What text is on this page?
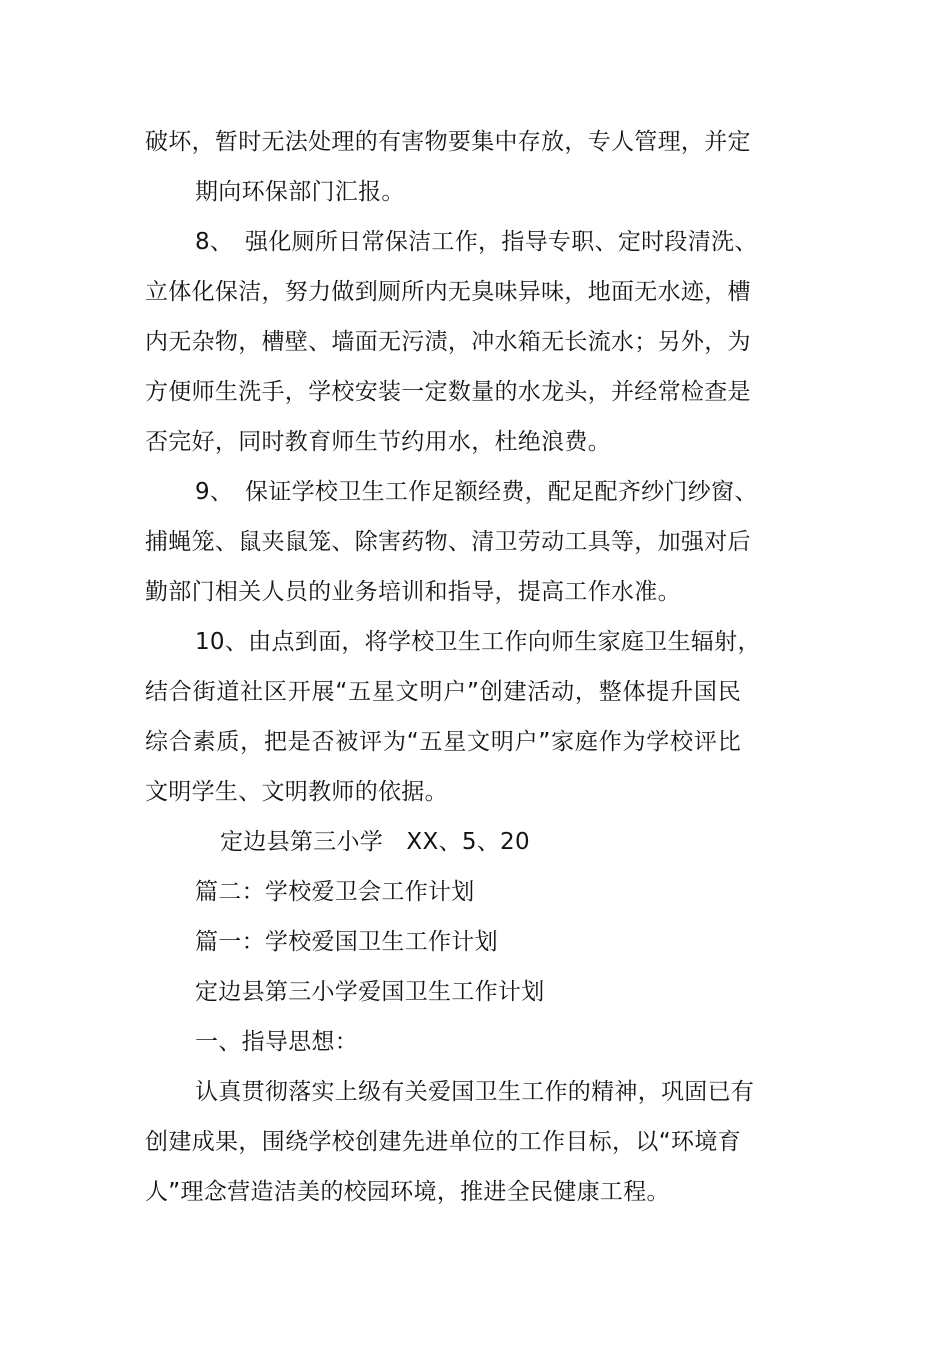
破坏，暂时无法处理的有害物要集中存放，专人管理，并定
期向环保部门汇报。
8、　强化厕所日常保洁工作，指导专职、定时段清洗、
立体化保洁，努力做到厕所内无臭味异味，地面无水迹，槽
内无杂物，槽壁、墙面无污渍，冲水箱无长流水；另外，为
方便师生洗手，学校安装一定数量的水龙头，并经常检查是
否完好，同时教育师生节约用水，杜绝浪费。
9、　保证学校卫生工作足额经费，配足配齐纱门纱窗、
捕蝇笼、鼠夹鼠笼、除害药物、清卫劳动工具等，加强对后
勤部门相关人员的业务培训和指导，提高工作水准。
10、由点到面，将学校卫生工作向师生家庭卫生辐射，
结合街道社区开展“五星文明户”创建活动，整体提升国民
综合素质，把是否被评为“五星文明户”家庭作为学校评比
文明学生、文明教师的依据。
定边县第三小学　XX、5、20
篇二：学校爱卫会工作计划
篇一：学校爱国卫生工作计划
定边县第三小学爱国卫生工作计划
一、指导思想：
认真贯彻落实上级有关爱国卫生工作的精神，巩固已有
创建成果，围绕学校创建先进单位的工作目标，以“环境育
人”理念营造洁美的校园环境，推进全民健康工程。
